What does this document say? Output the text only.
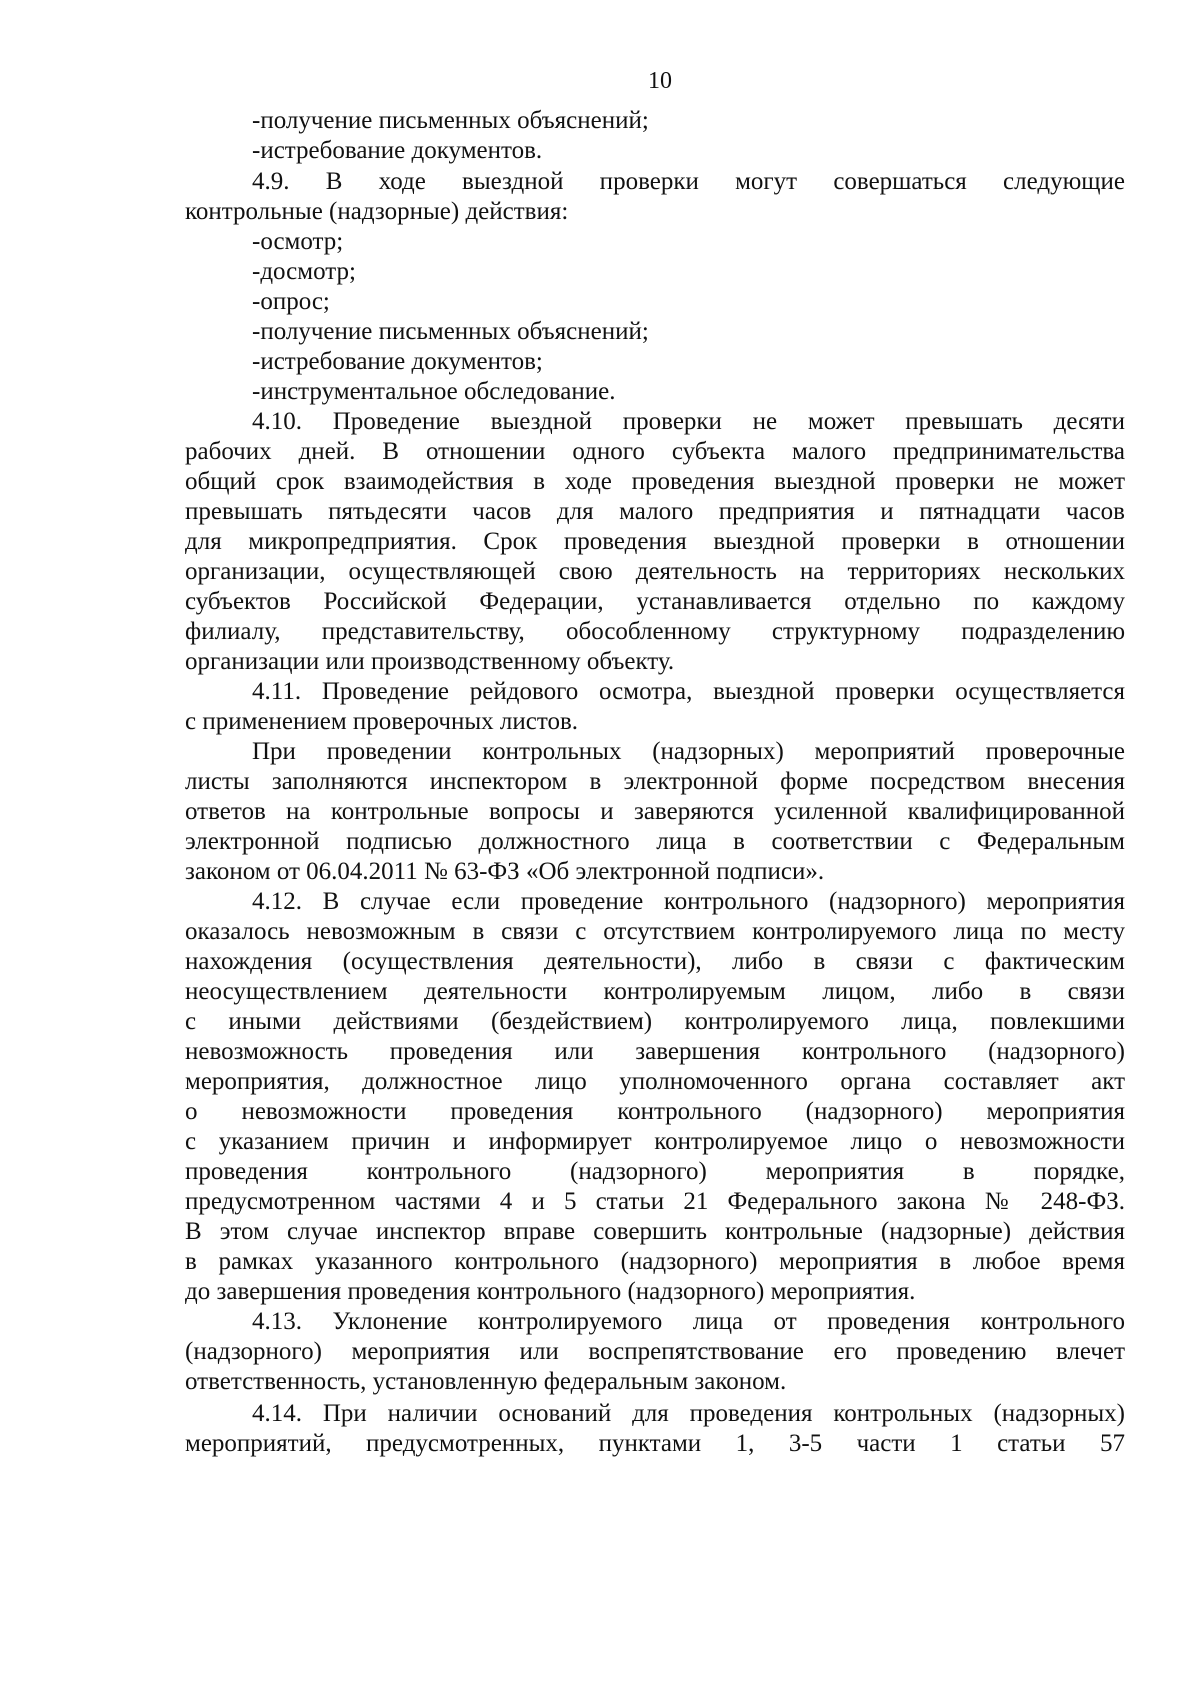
10
-получение письменных объяснений;
-истребование документов.
4.9. В ходе выездной проверки могут совершаться следующие
контрольные (надзорные) действия:
-осмотр;
-досмотр;
-опрос;
-получение письменных объяснений;
-истребование документов;
-инструментальное обследование.
4.10. Проведение выездной проверки не может превышать десяти
рабочих дней. В отношении одного субъекта малого предпринимательства
общий срок взаимодействия в ходе проведения выездной проверки не может
превышать пятьдесяти часов для малого предприятия и пятнадцати часов
для микропредприятия. Срок проведения выездной проверки в отношении
организации, осуществляющей свою деятельность на территориях нескольких
субъектов Российской Федерации, устанавливается отдельно по каждому
филиалу, представительству, обособленному структурному подразделению
организации или производственному объекту.
4.11. Проведение рейдового осмотра, выездной проверки осуществляется
с применением проверочных листов.
При проведении контрольных (надзорных) мероприятий проверочные
листы заполняются инспектором в электронной форме посредством внесения
ответов на контрольные вопросы и заверяются усиленной квалифицированной
электронной подписью должностного лица в соответствии с Федеральным
законом от 06.04.2011 № 63-ФЗ «Об электронной подписи».
4.12. В случае если проведение контрольного (надзорного) мероприятия
оказалось невозможным в связи с отсутствием контролируемого лица по месту
нахождения (осуществления деятельности), либо в связи с фактическим
неосуществлением деятельности контролируемым лицом, либо в связи
с иными действиями (бездействием) контролируемого лица, повлекшими
невозможность проведения или завершения контрольного (надзорного)
мероприятия, должностное лицо уполномоченного органа составляет акт
о невозможности проведения контрольного (надзорного) мероприятия
с указанием причин и информирует контролируемое лицо о невозможности
проведения контрольного (надзорного) мероприятия в порядке,
предусмотренном частями 4 и 5 статьи 21 Федерального закона № 248-ФЗ.
В этом случае инспектор вправе совершить контрольные (надзорные) действия
в рамках указанного контрольного (надзорного) мероприятия в любое время
до завершения проведения контрольного (надзорного) мероприятия.
4.13. Уклонение контролируемого лица от проведения контрольного
(надзорного) мероприятия или воспрепятствование его проведению влечет
ответственность, установленную федеральным законом.
4.14. При наличии оснований для проведения контрольных (надзорных)
мероприятий, предусмотренных, пунктами 1, 3-5 части 1 статьи 57
